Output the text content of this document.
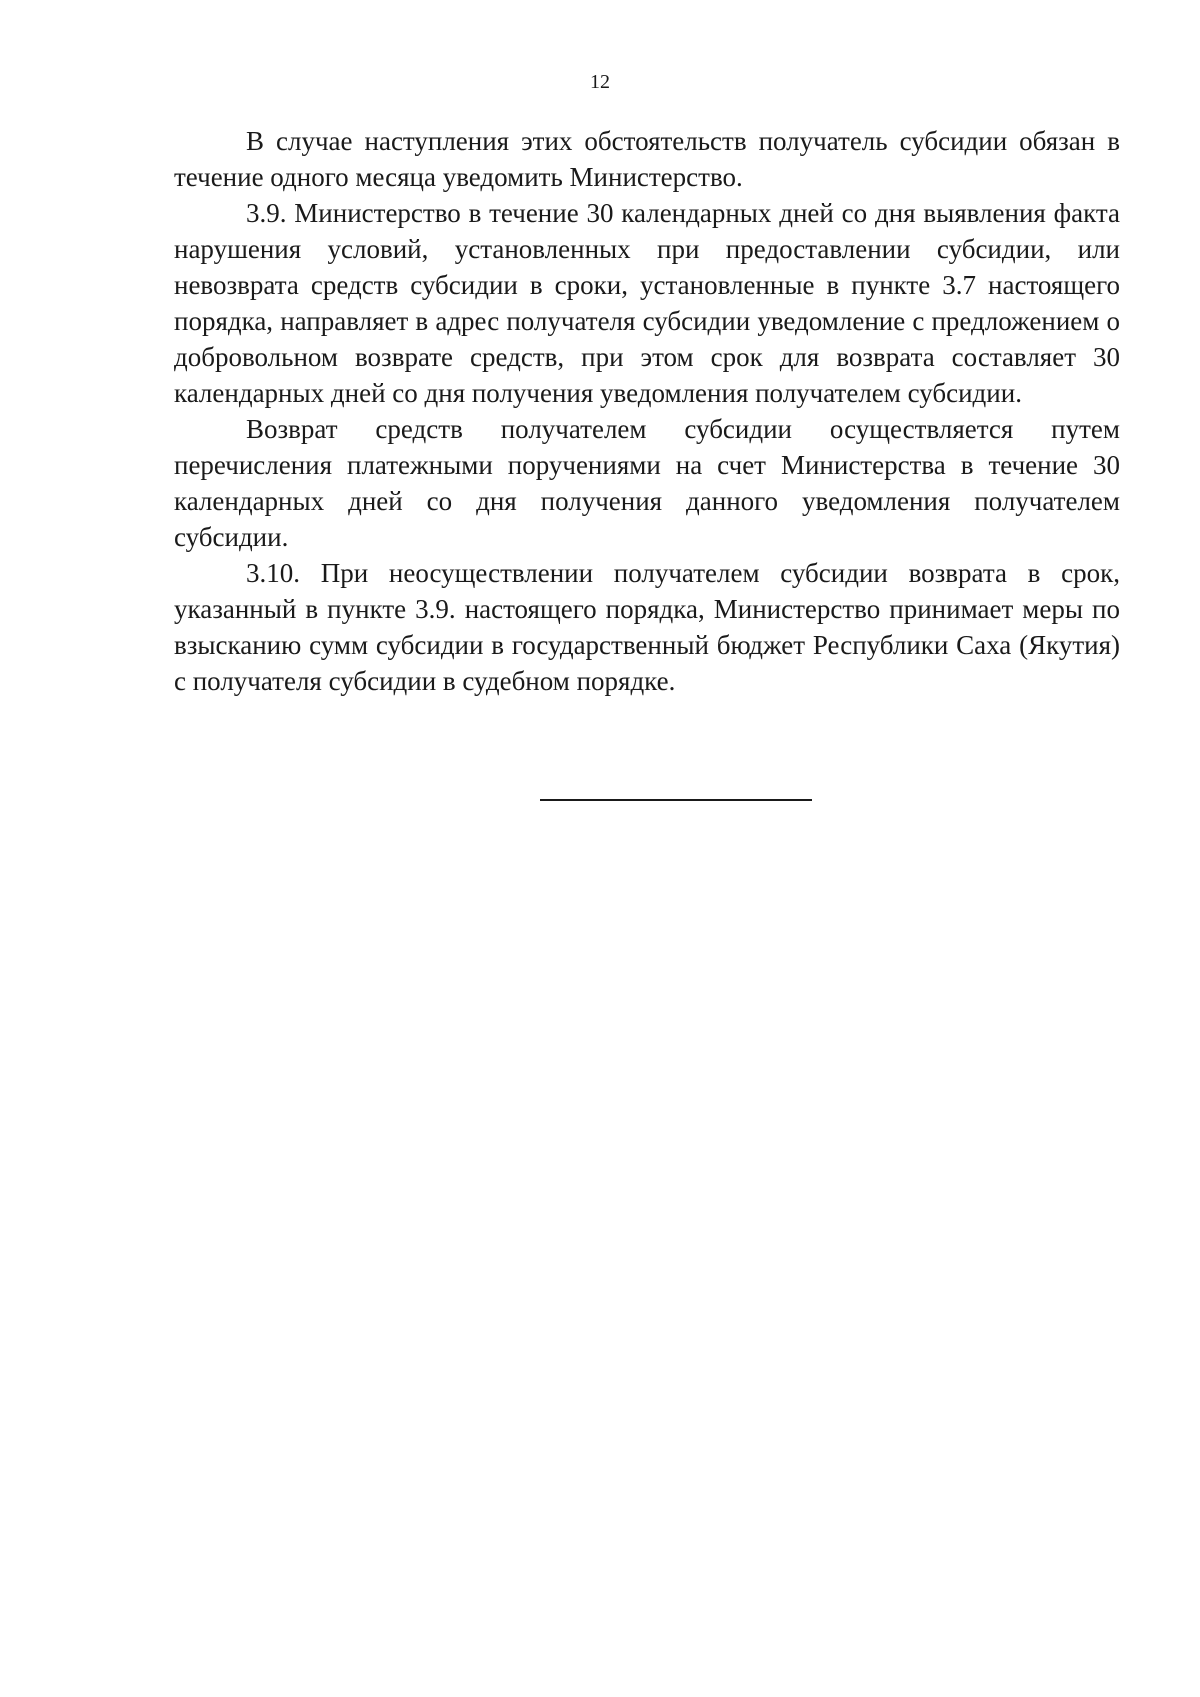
12

В случае наступления этих обстоятельств получатель субсидии обязан в течение одного месяца уведомить Министерство.

3.9. Министерство в течение 30 календарных дней со дня выявления факта нарушения условий, установленных при предоставлении субсидии, или невозврата средств субсидии в сроки, установленные в пункте 3.7 настоящего порядка, направляет в адрес получателя субсидии уведомление с предложением о добровольном возврате средств, при этом срок для возврата составляет 30 календарных дней со дня получения уведомления получателем субсидии.

Возврат средств получателем субсидии осуществляется путем перечисления платежными поручениями на счет Министерства в течение 30 календарных дней со дня получения данного уведомления получателем субсидии.

3.10. При неосуществлении получателем субсидии возврата в срок, указанный в пункте 3.9. настоящего порядка, Министерство принимает меры по взысканию сумм субсидии в государственный бюджет Республики Саха (Якутия) с получателя субсидии в судебном порядке.
